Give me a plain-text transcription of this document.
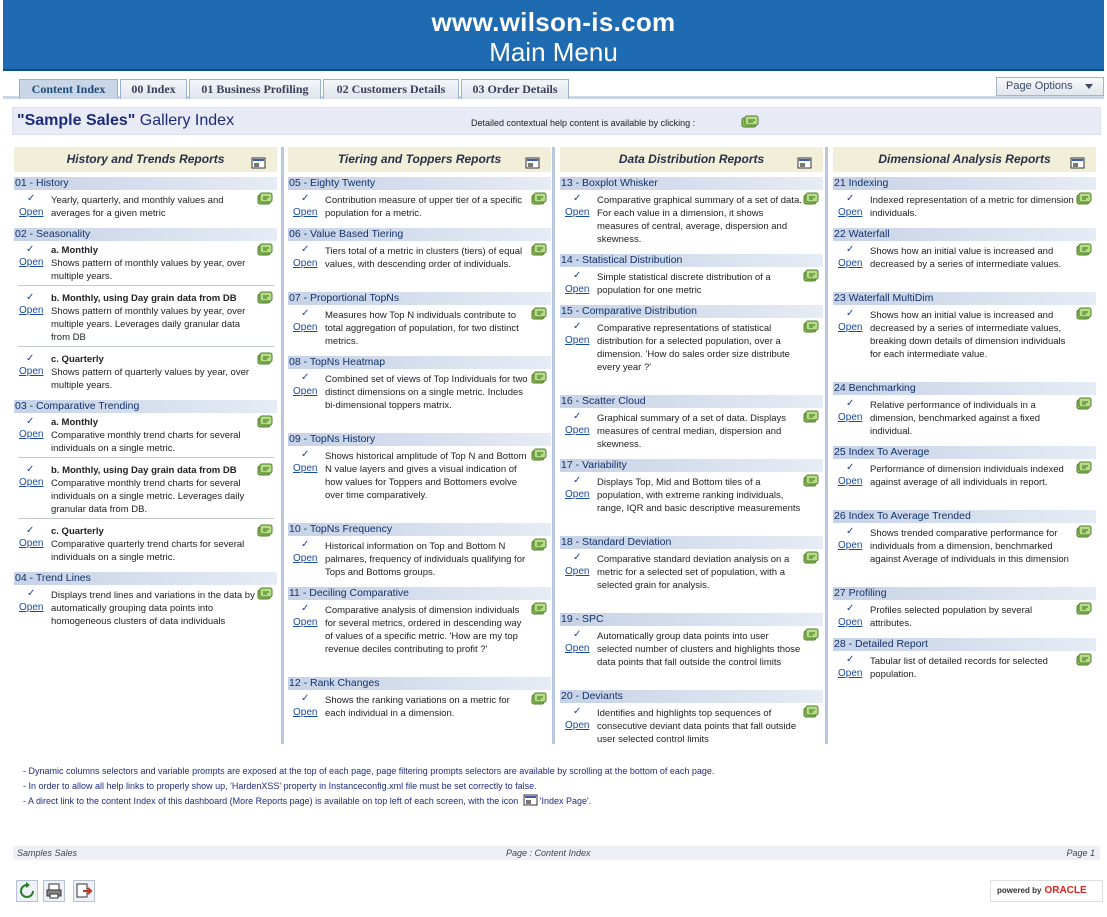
www.wilson-is.com
Main Menu
Content Index	00 Index	01 Business Profiling	02 Customers Details	03 Order Details	Page Options
"Sample Sales" Gallery Index	Detailed contextual help content is available by clicking :
History and Trends Reports
01 - History
✓
Open
Yearly, quarterly, and monthly values and averages for a given metric
02 - Seasonality
✓ a. Monthly
Open Shows pattern of monthly values by year, over multiple years.
✓ b. Monthly, using Day grain data from DB
Open Shows pattern of monthly values by year, over multiple years. Leverages daily granular data from DB
✓ c. Quarterly
Open Shows pattern of quarterly values by year, over multiple years.
03 - Comparative Trending
✓ a. Monthly
Open Comparative monthly trend charts for several individuals on a single metric.
✓ b. Monthly, using Day grain data from DB
Open Comparative monthly trend charts for several individuals on a single metric. Leverages daily granular data from DB.
✓ c. Quarterly
Open Comparative quarterly trend charts for several individuals on a single metric.
04 - Trend Lines
✓
Open
Displays trend lines and variations in the data by automatically grouping data points into homogeneous clusters of data individuals
Tiering and Toppers Reports
05 - Eighty Twenty
✓
Open
Contribution measure of upper tier of a specific population for a metric.
06 - Value Based Tiering
✓
Open
Tiers total of a metric in clusters (tiers) of equal values, with descending order of individuals.
07 - Proportional TopNs
✓
Open
Measures how Top N individuals contribute to total aggregation of population, for two distinct metrics.
08 - TopNs Heatmap
✓
Open
Combined set of views of Top Individuals for two distinct dimensions on a single metric. Includes bi-dimensional toppers matrix.
09 - TopNs History
✓
Open
Shows historical amplitude of Top N and Bottom N value layers and gives a visual indication of how values for Toppers and Bottomers evolve over time comparatively.
10 - TopNs Frequency
✓
Open
Historical information on Top and Bottom N palmares, frequency of individuals qualifying for Tops and Bottoms groups.
11 - Deciling Comparative
✓
Open
Comparative analysis of dimension individuals for several metrics, ordered in descending way of values of a specific metric. 'How are my top revenue deciles contributing to profit ?'
12 - Rank Changes
✓
Open
Shows the ranking variations on a metric for each individual in a dimension.
Data Distribution Reports
13 - Boxplot Whisker
✓
Open
Comparative graphical summary of a set of data. For each value in a dimension, it shows measures of central, average, dispersion and skewness.
14 - Statistical Distribution
✓
Open
Simple statistical discrete distribution of a population for one metric
15 - Comparative Distribution
✓
Open
Comparative representations of statistical distribution for a selected population, over a dimension. 'How do sales order size distribute every year ?'
16 - Scatter Cloud
✓
Open
Graphical summary of a set of data. Displays measures of central median, dispersion and skewness.
17 - Variability
✓
Open
Displays Top, Mid and Bottom tiles of a population, with extreme ranking individuals, range, IQR and basic descriptive measurements
18 - Standard Deviation
✓
Open
Comparative standard deviation analysis on a metric for a selected set of population, with a selected grain for analysis.
19 - SPC
✓
Open
Automatically group data points into user selected number of clusters and highlights those data points that fall outside the control limits
20 - Deviants
✓
Open
Identifies and highlights top sequences of consecutive deviant data points that fall outside user selected control limits
Dimensional Analysis Reports
21 Indexing
✓
Open
Indexed representation of a metric for dimension individuals.
22 Waterfall
✓
Open
Shows how an initial value is increased and decreased by a series of intermediate values.
23 Waterfall MultiDim
✓
Open
Shows how an initial value is increased and decreased by a series of intermediate values, breaking down details of dimension individuals for each intermediate value.
24 Benchmarking
✓
Open
Relative performance of individuals in a dimension, benchmarked against a fixed individual.
25 Index To Average
✓
Open
Performance of dimension individuals indexed against average of all individuals in report.
26 Index To Average Trended
✓
Open
Shows trended comparative performance for individuals from a dimension, benchmarked against Average of individuals in this dimension
27 Profiling
✓
Open
Profiles selected population by several attributes.
28 - Detailed Report
✓
Open
Tabular list of detailed records for selected population.
- Dynamic columns selectors and variable prompts are exposed at the top of each page, page filtering prompts selectors are available by scrolling at the bottom of each page.
- In order to allow all help links to properly show up, 'HardenXSS' property in Instanceconfig.xml file must be set correctly to false.
- A direct link to the content Index of this dashboard (More Reports page) is available on top left of each screen, with the icon 'Index Page'.
Samples Sales	Page : Content Index	Page 1
powered by ORACLE
